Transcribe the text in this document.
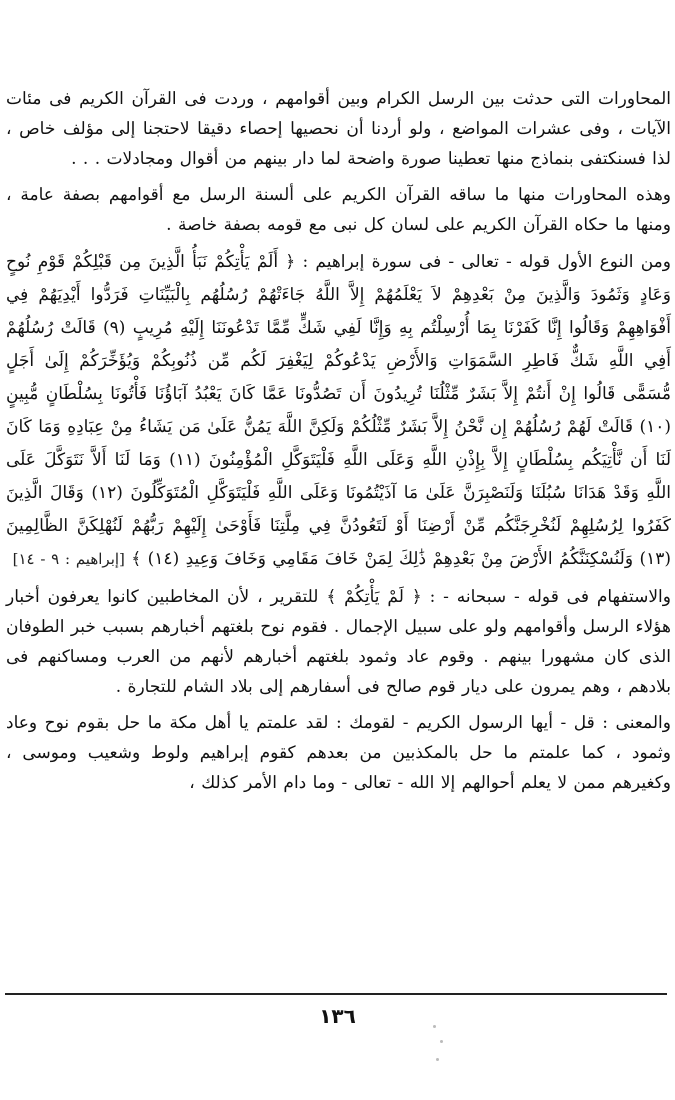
المحاورات التى حدثت بين الرسل الكرام وبين أقوامهم ، وردت فى القرآن الكريم فى مئات الآيات ، وفى عشرات المواضع ، ولو أردنا أن نحصيها إحصاء دقيقا لاحتجنا إلى مؤلف خاص ، لذا فسنكتفى بنماذج منها تعطينا صورة واضحة لما دار بينهم من أقوال ومجادلات . . .

وهذه المحاورات منها ما ساقه القرآن الكريم على ألسنة الرسل مع أقوامهم بصفة عامة ، ومنها ما حكاه القرآن الكريم على لسان كل نبى مع قومه بصفة خاصة .

ومن النوع الأول قوله - تعالى - فى سورة إبراهيم : ﴿ أَلَمْ يَأْتِكُمْ نَبَأُ الَّذِينَ مِن قَبْلِكُمْ قَوْمِ نُوحٍ وَعَادٍ وَثَمُودَ وَالَّذِينَ مِنْ بَعْدِهِمْ لاَ يَعْلَمُهُمْ إِلاَّ اللَّهُ جَاءَتْهُمْ رُسُلُهُم بِالْبَيِّنَاتِ فَرَدُّوا أَيْدِيَهُمْ فِي أَفْوَاهِهِمْ وَقَالُوا إِنَّا كَفَرْنَا بِمَا أُرْسِلْتُم بِهِ وَإِنَّا لَفِي شَكٍّ مِّمَّا تَدْعُونَنَا إِلَيْهِ مُرِيبٍ (٩) قَالَتْ رُسُلُهُمْ أَفِي اللَّهِ شَكٌّ فَاطِرِ السَّمَوَاتِ وَالأَرْضِ يَدْعُوكُمْ لِيَغْفِرَ لَكُم مِّن ذُنُوبِكُمْ وَيُؤَخِّرَكُمْ إِلَىٰ أَجَلٍ مُّسَمًّى قَالُوا إِنْ أَنتُمْ إِلاَّ بَشَرٌ مِّثْلُنَا تُرِيدُونَ أَن تَصُدُّونَا عَمَّا كَانَ يَعْبُدُ آبَاؤُنَا فَأْتُونَا بِسُلْطَانٍ مُّبِينٍ (١٠) قَالَتْ لَهُمْ رُسُلُهُمْ إِن نَّحْنُ إِلاَّ بَشَرٌ مِّثْلُكُمْ وَلَكِنَّ اللَّهَ يَمُنُّ عَلَىٰ مَن يَشَاءُ مِنْ عِبَادِهِ وَمَا كَانَ لَنَا أَن نَّأْتِيَكُم بِسُلْطَانٍ إِلاَّ بِإِذْنِ اللَّهِ وَعَلَى اللَّهِ فَلْيَتَوَكَّلِ الْمُؤْمِنُونَ (١١) وَمَا لَنَا أَلاَّ نَتَوَكَّلَ عَلَى اللَّهِ وَقَدْ هَدَانَا سُبُلَنَا وَلَنَصْبِرَنَّ عَلَىٰ مَا آذَيْتُمُونَا وَعَلَى اللَّهِ فَلْيَتَوَكَّلِ الْمُتَوَكِّلُونَ (١٢) وَقَالَ الَّذِينَ كَفَرُوا لِرُسُلِهِمْ لَنُخْرِجَنَّكُم مِّنْ أَرْضِنَا أَوْ لَتَعُودُنَّ فِي مِلَّتِنَا فَأَوْحَىٰ إِلَيْهِمْ رَبُّهُمْ لَنُهْلِكَنَّ الظَّالِمِينَ (١٣) وَلَنُسْكِنَنَّكُمُ الأَرْضَ مِنْ بَعْدِهِمْ ذَٰلِكَ لِمَنْ خَافَ مَقَامِي وَخَافَ وَعِيدِ (١٤) ﴾ [إبراهيم : ٩ - ١٤]

والاستفهام فى قوله - سبحانه - : ﴿ لَمْ يَأْتِكُمْ ﴾ للتقرير ، لأن المخاطبين كانوا يعرفون أخبار هؤلاء الرسل وأقوامهم ولو على سبيل الإجمال . فقوم نوح بلغتهم أخبارهم بسبب خبر الطوفان الذى كان مشهورا بينهم . وقوم عاد وثمود بلغتهم أخبارهم لأنهم من العرب ومساكنهم فى بلادهم ، وهم يمرون على ديار قوم صالح فى أسفارهم إلى بلاد الشام للتجارة .

والمعنى : قل - أيها الرسول الكريم - لقومك : لقد علمتم يا أهل مكة ما حل بقوم نوح وعاد وثمود ، كما علمتم ما حل بالمكذبين من بعدهم كقوم إبراهيم ولوط وشعيب وموسى ، وكغيرهم ممن لا يعلم أحوالهم إلا الله - تعالى - وما دام الأمر كذلك ،

١٣٦
